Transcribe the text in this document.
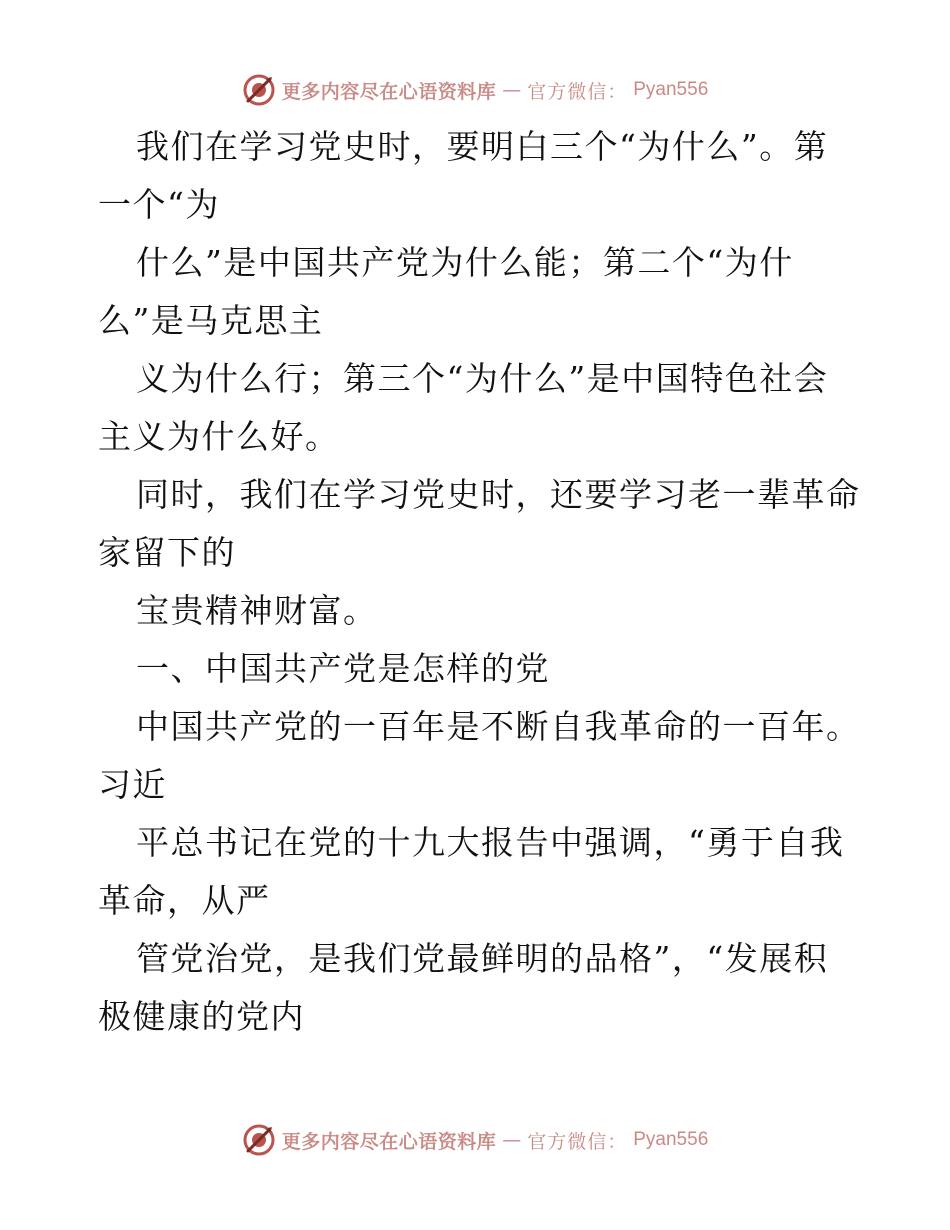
更多内容尽在心语资料库 — 官方微信： Pyan556
我们在学习党史时，要明白三个“为什么”。第
一个“为
什么”是中国共产党为什么能；第二个“为什
么”是马克思主
义为什么行；第三个“为什么”是中国特色社会
主义为什么好。
同时，我们在学习党史时，还要学习老一辈革命
家留下的
宝贵精神财富。
一、中国共产党是怎样的党
中国共产党的一百年是不断自我革命的一百年。
习近
平总书记在党的十九大报告中强调，“勇于自我
革命，从严
管党治党，是我们党最鲜明的品格”，“发展积
极健康的党内
更多内容尽在心语资料库 — 官方微信： Pyan556
